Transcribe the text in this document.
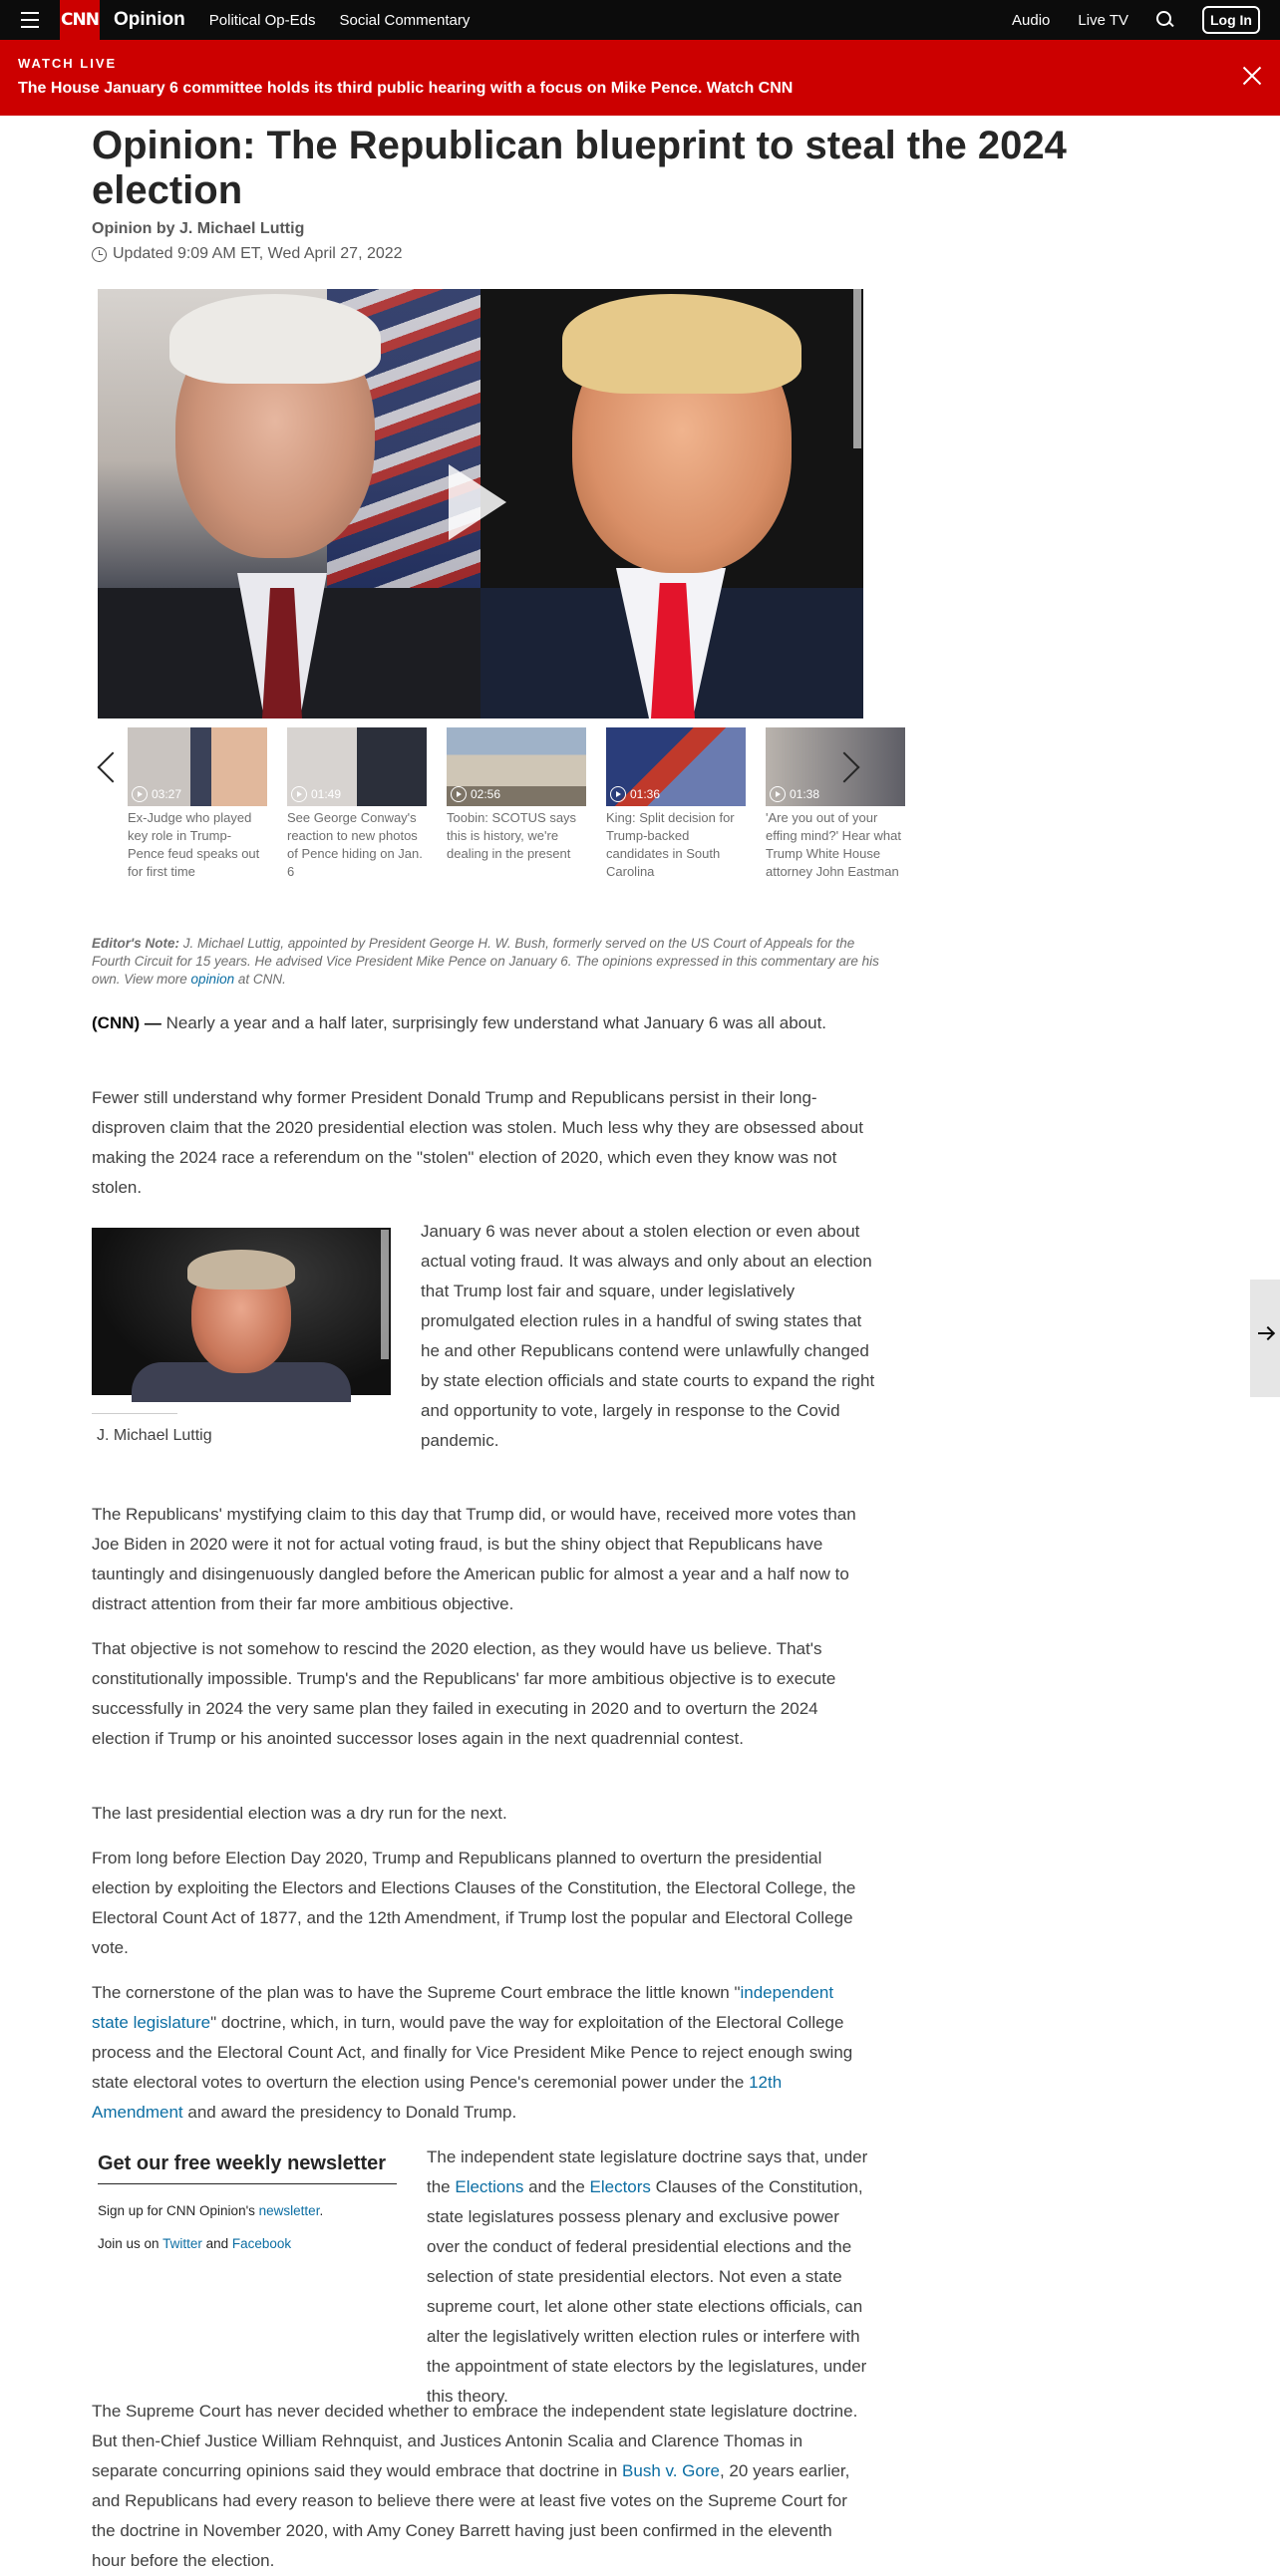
CNN Opinion Political Op-Eds Social Commentary	Audio Live TV	Log In
WATCH LIVE
The House January 6 committee holds its third public hearing with a focus on Mike Pence. Watch CNN
Opinion: The Republican blueprint to steal the 2024 election
Opinion by J. Michael Luttig
Updated 9:09 AM ET, Wed April 27, 2022
03:27
Ex-Judge who played key role in Trump-Pence feud speaks out for first time
01:49
See George Conway's reaction to new photos of Pence hiding on Jan. 6
02:56
Toobin: SCOTUS says this is history, we're dealing in the present
01:36
King: Split decision for Trump-backed candidates in South Carolina
01:38
'Are you out of your effing mind?' Hear what Trump White House attorney John Eastman
Editor's Note: J. Michael Luttig, appointed by President George H. W. Bush, formerly served on the US Court of Appeals for the Fourth Circuit for 15 years. He advised Vice President Mike Pence on January 6. The opinions expressed in this commentary are his own. View more opinion at CNN.

(CNN) — Nearly a year and a half later, surprisingly few understand what January 6 was all about.

Fewer still understand why former President Donald Trump and Republicans persist in their long-disproven claim that the 2020 presidential election was stolen. Much less why they are obsessed about making the 2024 race a referendum on the "stolen" election of 2020, which even they know was not stolen.

J. Michael Luttig

January 6 was never about a stolen election or even about actual voting fraud. It was always and only about an election that Trump lost fair and square, under legislatively promulgated election rules in a handful of swing states that he and other Republicans contend were unlawfully changed by state election officials and state courts to expand the right and opportunity to vote, largely in response to the Covid pandemic.

The Republicans' mystifying claim to this day that Trump did, or would have, received more votes than Joe Biden in 2020 were it not for actual voting fraud, is but the shiny object that Republicans have tauntingly and disingenuously dangled before the American public for almost a year and a half now to distract attention from their far more ambitious objective.

That objective is not somehow to rescind the 2020 election, as they would have us believe. That's constitutionally impossible. Trump's and the Republicans' far more ambitious objective is to execute successfully in 2024 the very same plan they failed in executing in 2020 and to overturn the 2024 election if Trump or his anointed successor loses again in the next quadrennial contest.

The last presidential election was a dry run for the next.

From long before Election Day 2020, Trump and Republicans planned to overturn the presidential election by exploiting the Electors and Elections Clauses of the Constitution, the Electoral College, the Electoral Count Act of 1877, and the 12th Amendment, if Trump lost the popular and Electoral College vote.

The cornerstone of the plan was to have the Supreme Court embrace the little known "independent state legislature" doctrine, which, in turn, would pave the way for exploitation of the Electoral College process and the Electoral Count Act, and finally for Vice President Mike Pence to reject enough swing state electoral votes to overturn the election using Pence's ceremonial power under the 12th Amendment and award the presidency to Donald Trump.

Get our free weekly newsletter
Sign up for CNN Opinion's newsletter.
Join us on Twitter and Facebook

The independent state legislature doctrine says that, under the Elections and the Electors Clauses of the Constitution, state legislatures possess plenary and exclusive power over the conduct of federal presidential elections and the selection of state presidential electors. Not even a state supreme court, let alone other state elections officials, can alter the legislatively written election rules or interfere with the appointment of state electors by the legislatures, under this theory.

The Supreme Court has never decided whether to embrace the independent state legislature doctrine. But then-Chief Justice William Rehnquist, and Justices Antonin Scalia and Clarence Thomas in separate concurring opinions said they would embrace that doctrine in Bush v. Gore, 20 years earlier, and Republicans had every reason to believe there were at least five votes on the Supreme Court for the doctrine in November 2020, with Amy Coney Barrett having just been confirmed in the eleventh hour before the election.
